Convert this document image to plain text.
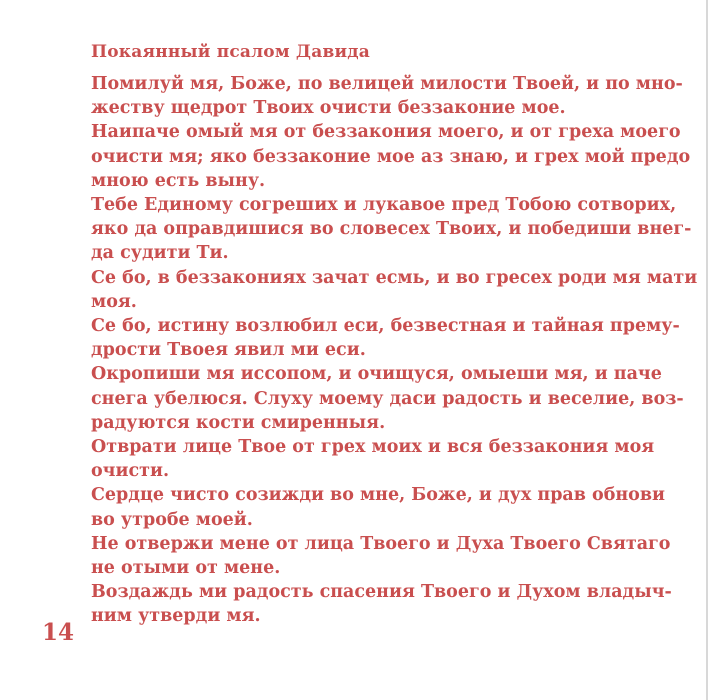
Покаянный псалом Давида
Помилуй мя, Боже, по велицей милости Твоей, и по мно-
жеству щедрот Твоих очисти беззаконие мое.
Наипаче омый мя от беззакония моего, и от греха моего
очисти мя; яко беззаконие мое аз знаю, и грех мой предо
мною есть выну.
Тебе Единому согреших и лукавое пред Тобою сотворих,
яко да оправдишися во словесех Твоих, и победиши внег-
да судити Ти.
Се бо, в беззакониях зачат есмь, и во гресех роди мя мати
моя.
Се бо, истину возлюбил еси, безвестная и тайная прему-
дрости Твоея явил ми еси.
Окропиши мя иссопом, и очищуся, омыеши мя, и паче
снега убелюся. Слуху моему даси радость и веселие, воз-
радуются кости смиренныя.
Отврати лице Твое от грех моих и вся беззакония моя
очисти.
Сердце чисто созижди во мне, Боже, и дух прав обнови
во утробе моей.
Не отвержи мене от лица Твоего и Духа Твоего Святаго
не отыми от мене.
Воздаждь ми радость спасения Твоего и Духом владыч-
ним утверди мя.
14
